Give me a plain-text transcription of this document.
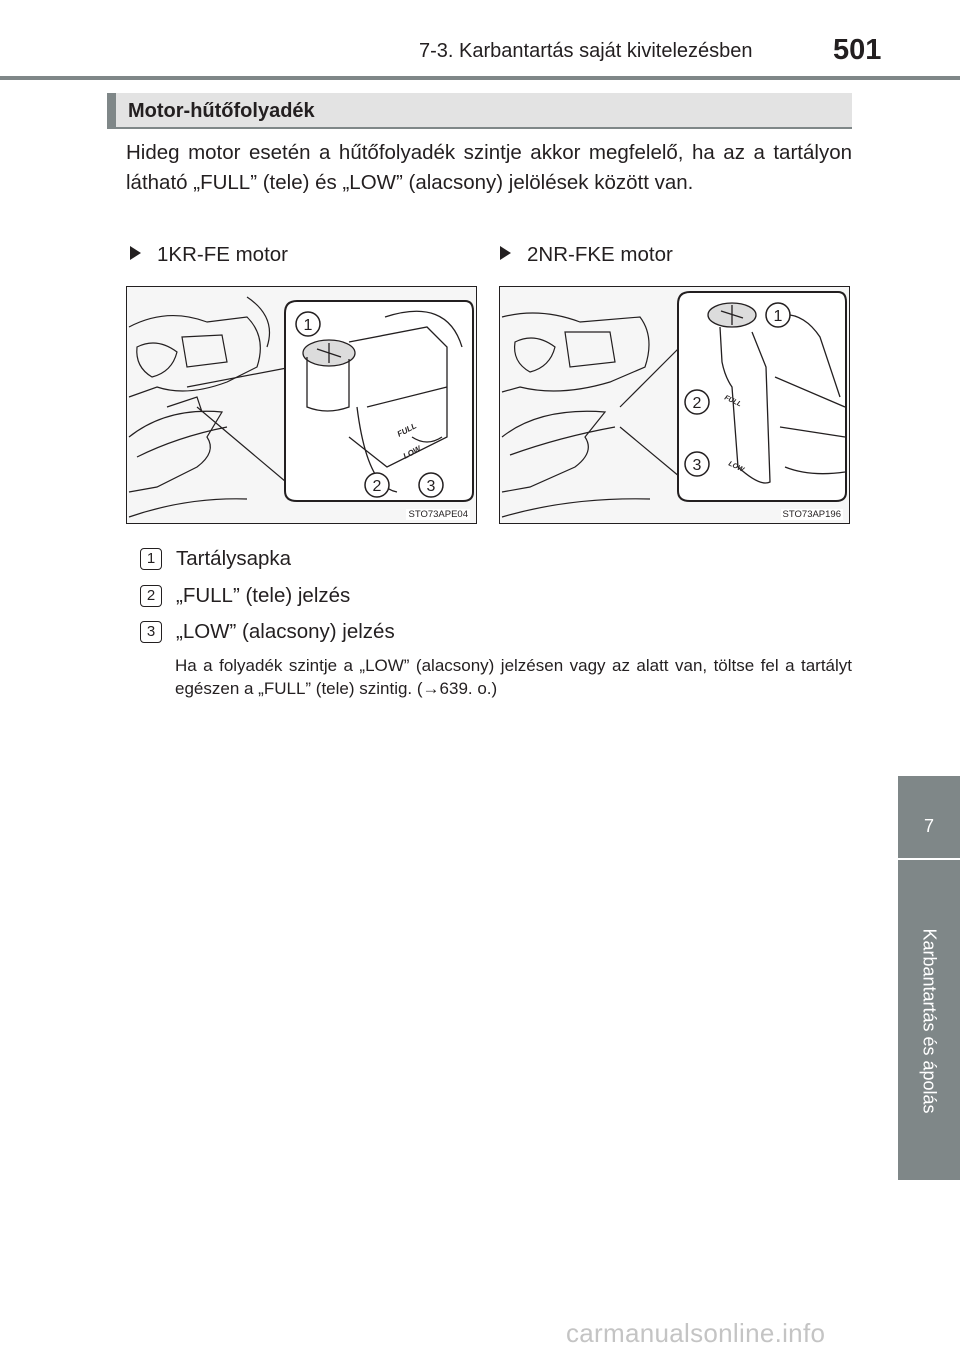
7-3. Karbantartás saját kivitelezésben	501
7
Karbantartás és ápolás
Motor-hűtőfolyadék
Hideg motor esetén a hűtőfolyadék szintje akkor megfelelő, ha az a tartályon látható „FULL” (tele) és „LOW” (alacsony) jelölések között van.
1KR-FE motor	2NR-FKE motor
FULL
LOW
1
2	3
STO73APE04
FULL
LOW
1
2
3
STO73AP196
1	Tartálysapka
2	„FULL” (tele) jelzés
3	„LOW” (alacsony) jelzés
Ha a folyadék szintje a „LOW” (alacsony) jelzésen vagy az alatt van, töltse fel a tartályt egészen a „FULL” (tele) szintig. (→639. o.)
carmanualsonline.info
